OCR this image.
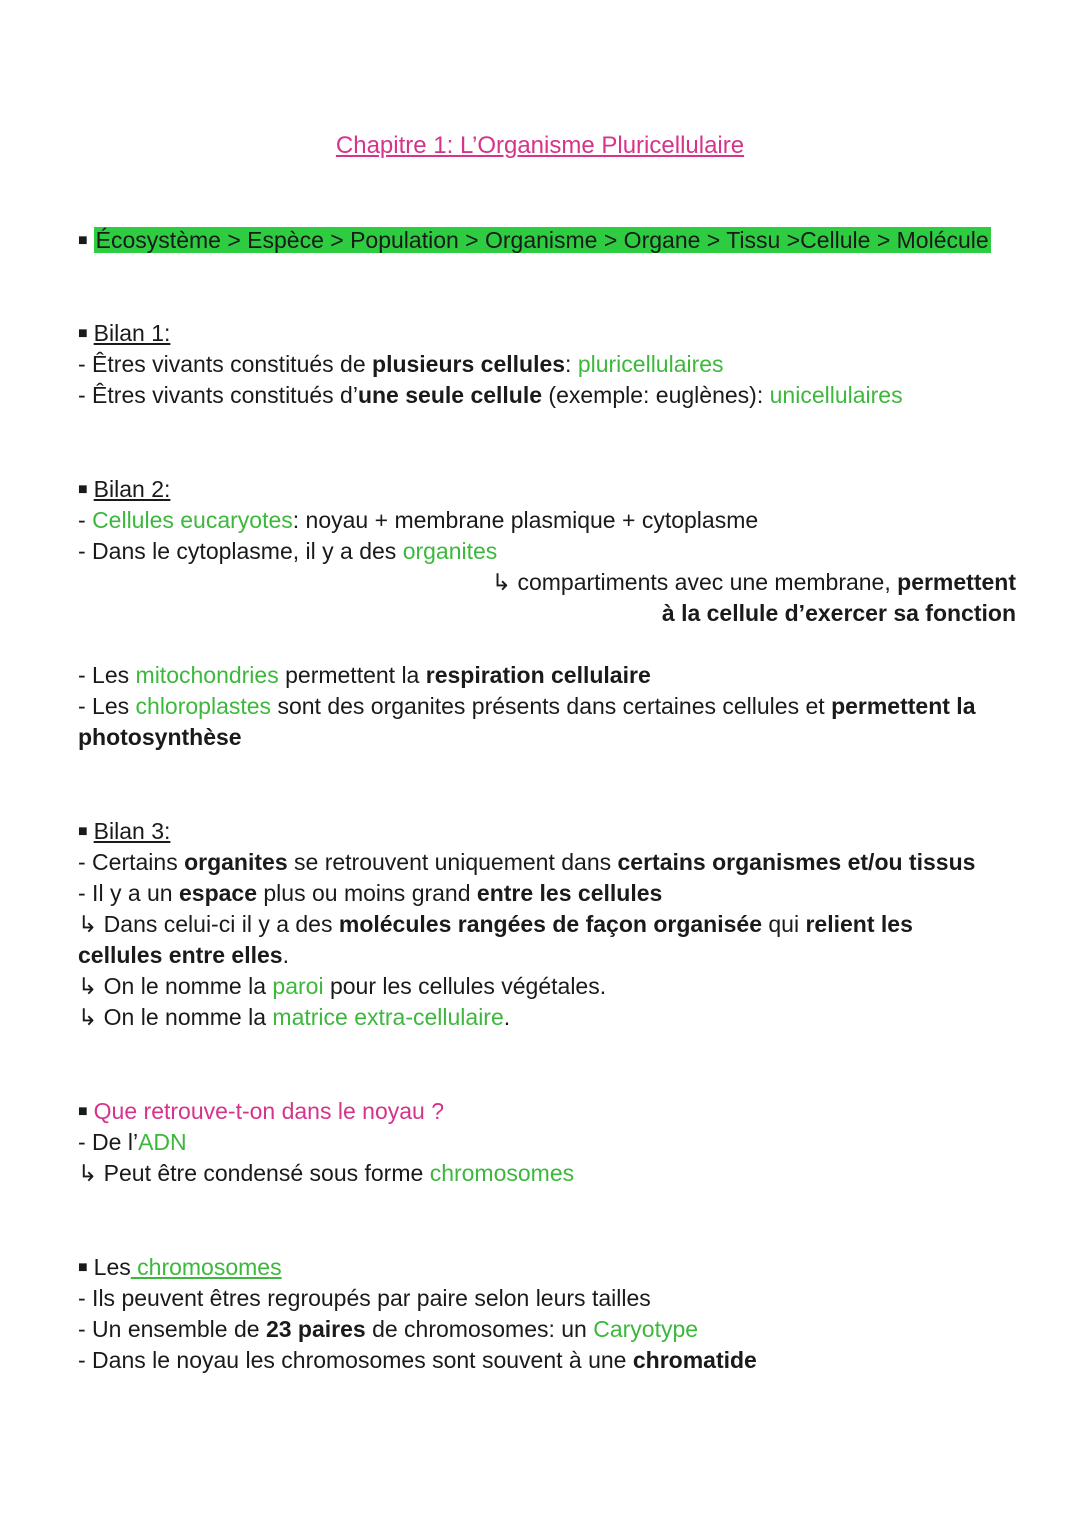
Chapitre 1: L’Organisme Pluricellulaire
■ Écosystème > Espèce > Population > Organisme > Organe > Tissu >Cellule > Molécule
■ Bilan 1:
- Êtres vivants constitués de plusieurs cellules: pluricellulaires
- Êtres vivants constitués d’une seule cellule (exemple: euglènes): unicellulaires
■ Bilan 2:
- Cellules eucaryotes: noyau + membrane plasmique + cytoplasme
- Dans le cytoplasme, il y a des organites
↳ compartiments avec une membrane, permettent
à la cellule d’exercer sa fonction
- Les mitochondries permettent la respiration cellulaire
- Les chloroplastes sont des organites présents dans certaines cellules et permettent la
photosynthèse
■ Bilan 3:
- Certains organites se retrouvent uniquement dans certains organismes et/ou tissus
- Il y a un espace plus ou moins grand entre les cellules
↳ Dans celui-ci il y a des molécules rangées de façon organisée qui relient les
cellules entre elles.
↳ On le nomme la paroi pour les cellules végétales.
↳ On le nomme la matrice extra-cellulaire.
■ Que retrouve-t-on dans le noyau ?
- De l’ADN
↳ Peut être condensé sous forme chromosomes
■ Les chromosomes
- Ils peuvent êtres regroupés par paire selon leurs tailles
- Un ensemble de 23 paires de chromosomes: un Caryotype
- Dans le noyau les chromosomes sont souvent à une chromatide
